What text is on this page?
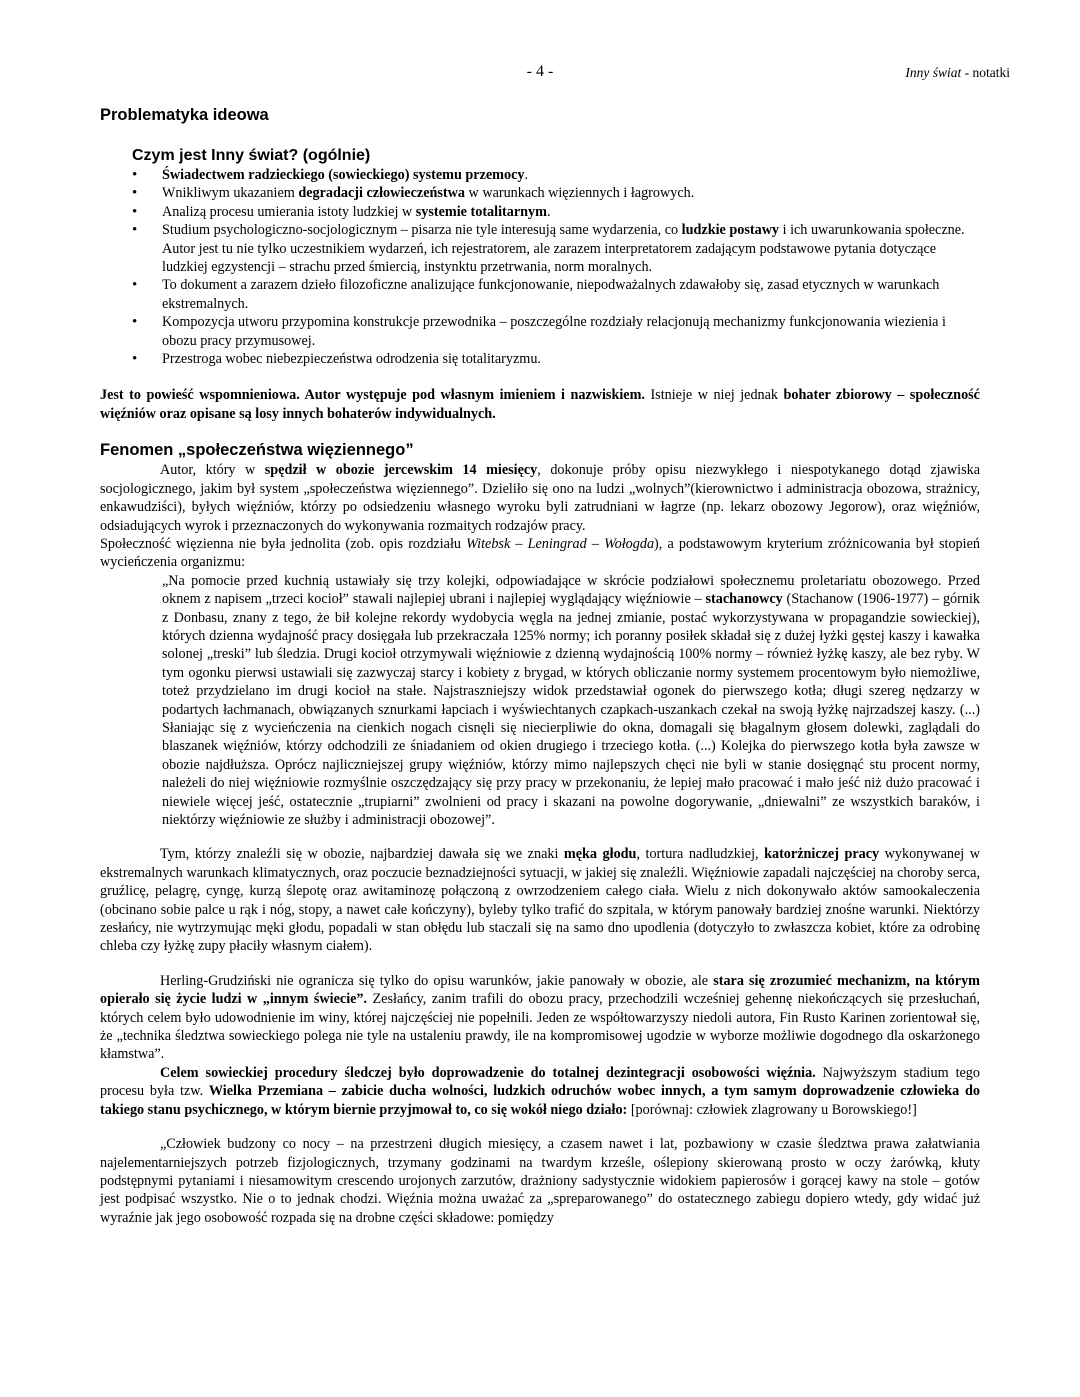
- 4 -	Inny świat - notatki
Problematyka ideowa
Czym jest Inny świat? (ogólnie)
• Świadectwem radzieckiego (sowieckiego) systemu przemocy.
• Wnikliwym ukazaniem degradacji człowieczeństwa w warunkach więziennych i łagrowych.
• Analizą procesu umierania istoty ludzkiej w systemie totalitarnym.
• Studium psychologiczno-socjologicznym – pisarza nie tyle interesują same wydarzenia, co ludzkie postawy i ich uwarunkowania społeczne. Autor jest tu nie tylko uczestnikiem wydarzeń, ich rejestratorem, ale zarazem interpretatorem zadającym podstawowe pytania dotyczące ludzkiej egzystencji – strachu przed śmiercią, instynktu przetrwania, norm moralnych.
• To dokument a zarazem dzieło filozoficzne analizujące funkcjonowanie, niepodważalnych zdawałoby się, zasad etycznych w warunkach ekstremalnych.
• Kompozycja utworu przypomina konstrukcje przewodnika – poszczególne rozdziały relacjonują mechanizmy funkcjonowania wiezienia i obozu pracy przymusowej.
• Przestroga wobec niebezpieczeństwa odrodzenia się totalitaryzmu.

Jest to powieść wspomnieniowa. Autor występuje pod własnym imieniem i nazwiskiem. Istnieje w niej jednak bohater zbiorowy – społeczność więźniów oraz opisane są losy innych bohaterów indywidualnych.

Fenomen „społeczeństwa więziennego”

Autor, który w spędził w obozie jercewskim 14 miesięcy, dokonuje próby opisu niezwykłego i niespotykanego dotąd zjawiska socjologicznego, jakim był system „społeczeństwa więziennego”. Dzieliło się ono na ludzi „wolnych”(kierownictwo i administracja obozowa, strażnicy, enkawudziści), byłych więźniów, którzy po odsiedzeniu własnego wyroku byli zatrudniani w łagrze (np. lekarz obozowy Jegorow), oraz więźniów, odsiadujących wyrok i przeznaczonych do wykonywania rozmaitych rodzajów pracy.

Społeczność więzienna nie była jednolita (zob. opis rozdziału Witebsk – Leningrad – Wołogda), a podstawowym kryterium zróżnicowania był stopień wycieńczenia organizmu:

„Na pomocie przed kuchnią ustawiały się trzy kolejki, odpowiadające w skrócie podziałowi społecznemu proletariatu obozowego. Przed oknem z napisem „trzeci kocioł” stawali najlepiej ubrani i najlepiej wyglądający więźniowie – stachanowcy (Stachanow (1906-1977) – górnik z Donbasu, znany z tego, że bił kolejne rekordy wydobycia węgla na jednej zmianie, postać wykorzystywana w propagandzie sowieckiej), których dzienna wydajność pracy dosięgała lub przekraczała 125% normy; ich poranny posiłek składał się z dużej łyżki gęstej kaszy i kawałka solonej „treski” lub śledzia. Drugi kocioł otrzymywali więźniowie z dzienną wydajnością 100% normy – również łyżkę kaszy, ale bez ryby. W tym ogonku pierwsi ustawiali się zazwyczaj starcy i kobiety z brygad, w których obliczanie normy systemem procentowym było niemożliwe, toteż przydzielano im drugi kocioł na stałe. Najstraszniejszy widok przedstawiał ogonek do pierwszego kotła; długi szereg nędzarzy w podartych łachmanach, obwiązanych sznurkami łapciach i wyświechtanych czapkach-uszankach czekał na swoją łyżkę najrzadszej kaszy. (...) Słaniając się z wycieńczenia na cienkich nogach cisnęli się niecierpliwie do okna, domagali się błagalnym głosem dolewki, zaglądali do blaszanek więźniów, którzy odchodzili ze śniadaniem od okien drugiego i trzeciego kotła. (...) Kolejka do pierwszego kotła była zawsze w obozie najdłuższa. Oprócz najliczniejszej grupy więźniów, którzy mimo najlepszych chęci nie byli w stanie dosięgnąć stu procent normy, należeli do niej więźniowie rozmyślnie oszczędzający się przy pracy w przekonaniu, że lepiej mało pracować i mało jeść niż dużo pracować i niewiele więcej jeść, ostatecznie „trupiarni” zwolnieni od pracy i skazani na powolne dogorywanie, „dniewalni” ze wszystkich baraków, i niektórzy więźniowie ze służby i administracji obozowej”.

Tym, którzy znaleźli się w obozie, najbardziej dawała się we znaki męka głodu, tortura nadludzkiej, katorżniczej pracy wykonywanej w ekstremalnych warunkach klimatycznych, oraz poczucie beznadziejności sytuacji, w jakiej się znaleźli. Więźniowie zapadali najczęściej na choroby serca, gruźlicę, pelagrę, cyngę, kurzą ślepotę oraz awitaminozę połączoną z owrzodzeniem całego ciała. Wielu z nich dokonywało aktów samookaleczenia (obcinano sobie palce u rąk i nóg, stopy, a nawet całe kończyny), byleby tylko trafić do szpitala, w którym panowały bardziej znośne warunki. Niektórzy zesłańcy, nie wytrzymując męki głodu, popadali w stan obłędu lub staczali się na samo dno upodlenia (dotyczyło to zwłaszcza kobiet, które za odrobinę chleba czy łyżkę zupy płaciły własnym ciałem).

Herling-Grudziński nie ogranicza się tylko do opisu warunków, jakie panowały w obozie, ale stara się zrozumieć mechanizm, na którym opierało się życie ludzi w „innym świecie”. Zesłańcy, zanim trafili do obozu pracy, przechodzili wcześniej gehennę niekończących się przesłuchań, których celem było udowodnienie im winy, której najczęściej nie popełnili. Jeden ze współtowarzyszy niedoli autora, Fin Rusto Karinen zorientował się, że „technika śledztwa sowieckiego polega nie tyle na ustaleniu prawdy, ile na kompromisowej ugodzie w wyborze możliwie dogodnego dla oskarżonego kłamstwa”.

Celem sowieckiej procedury śledczej było doprowadzenie do totalnej dezintegracji osobowości więźnia. Najwyższym stadium tego procesu była tzw. Wielka Przemiana – zabicie ducha wolności, ludzkich odruchów wobec innych, a tym samym doprowadzenie człowieka do takiego stanu psychicznego, w którym biernie przyjmował to, co się wokół niego działo: [porównaj: człowiek zlagrowany u Borowskiego!]

„Człowiek budzony co nocy – na przestrzeni długich miesięcy, a czasem nawet i lat, pozbawiony w czasie śledztwa prawa załatwiania najelementarniejszych potrzeb fizjologicznych, trzymany godzinami na twardym krześle, oślepiony skierowaną prosto w oczy żarówką, kłuty podstępnymi pytaniami i niesamowitym crescendo urojonych zarzutów, drażniony sadystycznie widokiem papierosów i gorącej kawy na stole – gotów jest podpisać wszystko. Nie o to jednak chodzi. Więźnia można uważać za „spreparowanego” do ostatecznego zabiegu dopiero wtedy, gdy widać już wyraźnie jak jego osobowość rozpada się na drobne części składowe: pomiędzy
